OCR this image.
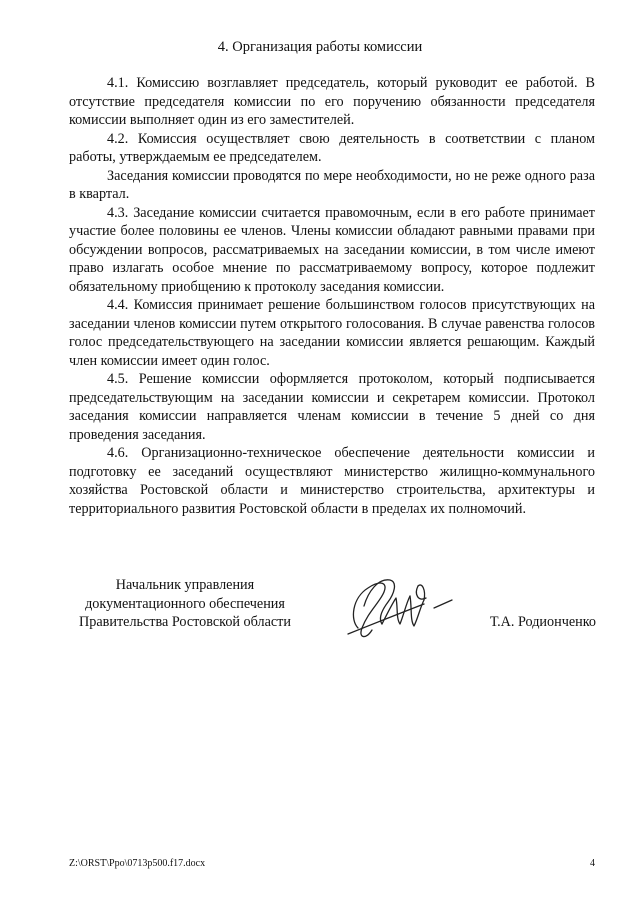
4. Организация работы комиссии

4.1. Комиссию возглавляет председатель, который руководит ее работой. В отсутствие председателя комиссии по его поручению обязанности председателя комиссии выполняет один из его заместителей.

4.2. Комиссия осуществляет свою деятельность в соответствии с планом работы, утверждаемым ее председателем.

Заседания комиссии проводятся по мере необходимости, но не реже одного раза в квартал.

4.3. Заседание комиссии считается правомочным, если в его работе принимает участие более половины ее членов. Члены комиссии обладают равными правами при обсуждении вопросов, рассматриваемых на заседании комиссии, в том числе имеют право излагать особое мнение по рассматриваемому вопросу, которое подлежит обязательному приобщению к протоколу заседания комиссии.

4.4. Комиссия принимает решение большинством голосов присутствующих на заседании членов комиссии путем открытого голосования. В случае равенства голосов голос председательствующего на заседании комиссии является решающим. Каждый член комиссии имеет один голос.

4.5. Решение комиссии оформляется протоколом, который подписывается председательствующим на заседании комиссии и секретарем комиссии. Протокол заседания комиссии направляется членам комиссии в течение 5 дней со дня проведения заседания.

4.6. Организационно-техническое обеспечение деятельности комиссии и подготовку ее заседаний осуществляют министерство жилищно-коммунального хозяйства Ростовской области и министерство строительства, архитектуры и территориального развития Ростовской области в пределах их полномочий.

Начальник управления
документационного обеспечения
Правительства Ростовской области	Т.А. Родионченко
Z:\ORST\Ppo\0713p500.f17.docx	4
